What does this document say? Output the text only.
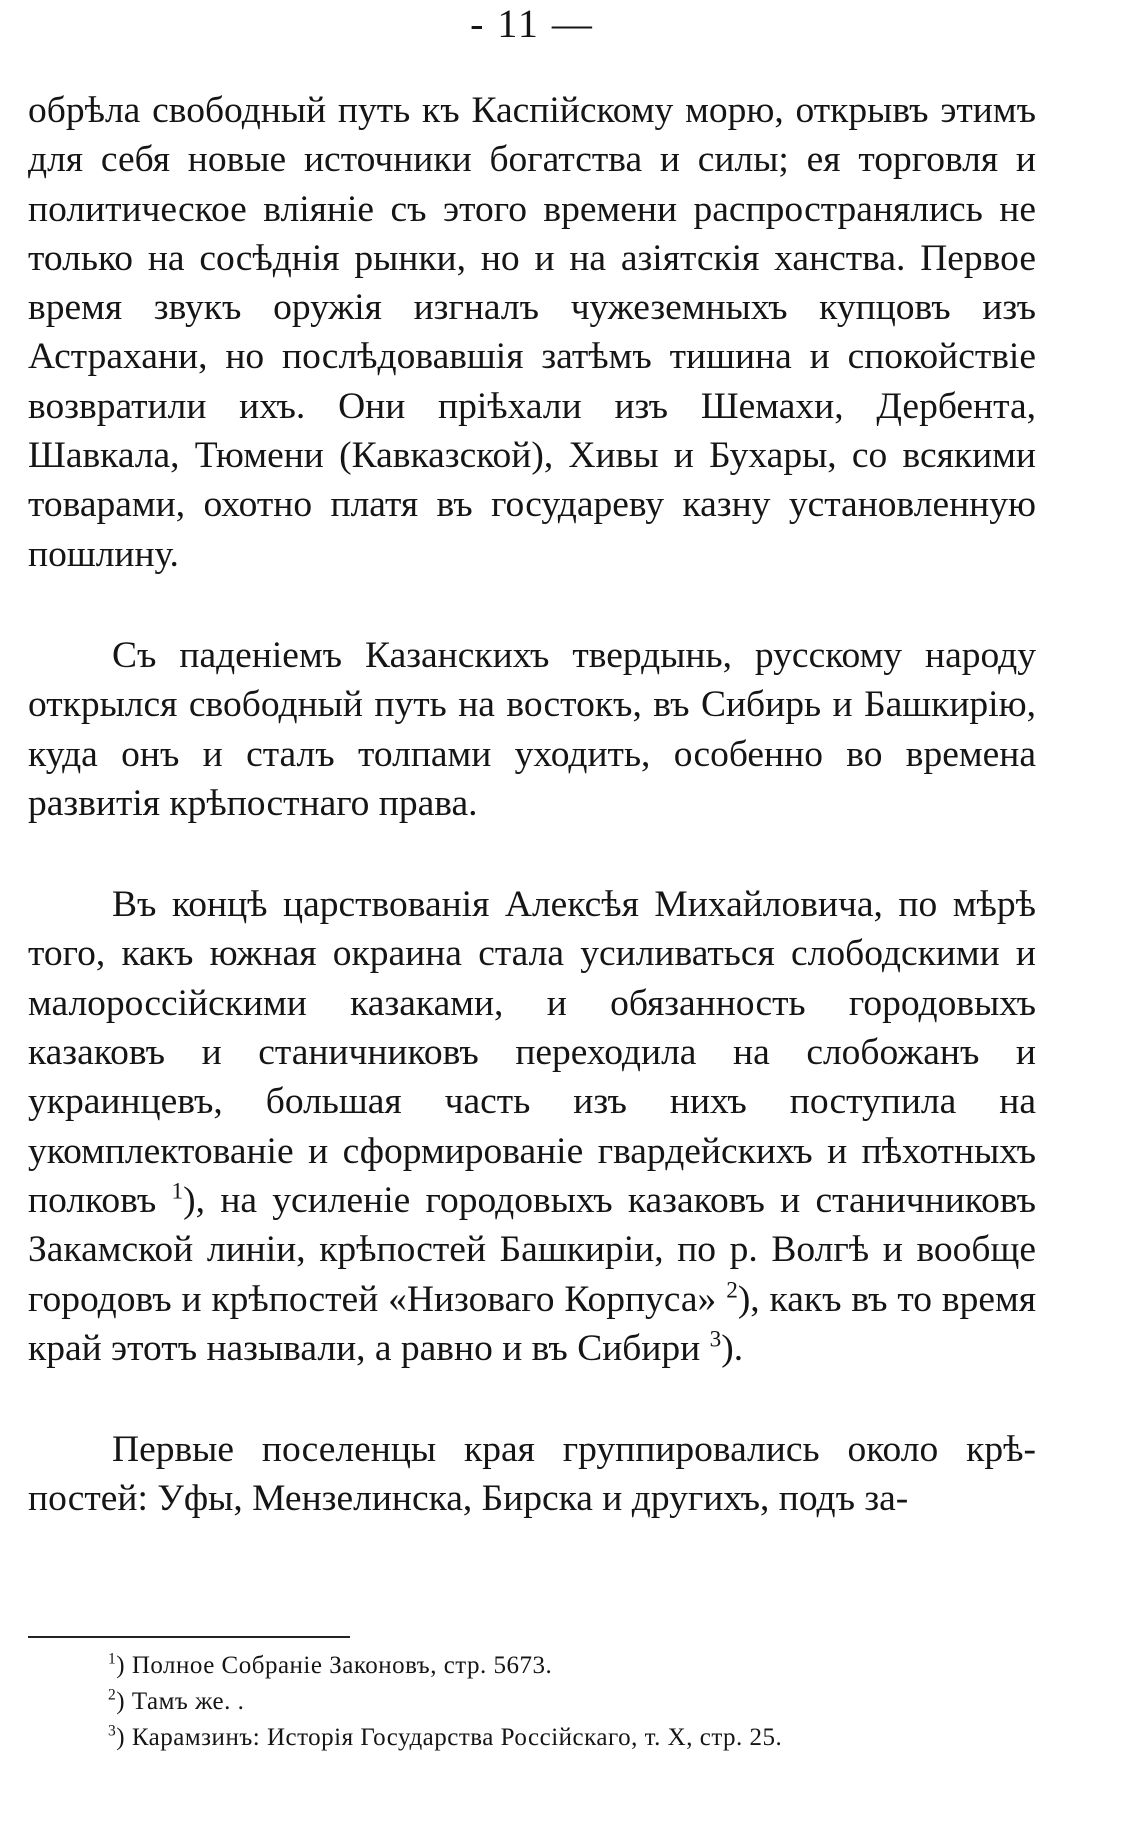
- 11 —

обрѣла свободный путь къ Каспійскому морю, открывъ этимъ для себя новые источники богатства и силы; ея торговля и политическое вліяніе съ этого времени распространялись не только на сосѣднія рынки, но и на азіятскія ханства. Первое время звукъ оружія изгналъ чужеземныхъ купцовъ изъ Астрахани, но послѣдовавшія затѣмъ тишина и спокойствіе возвратили ихъ. Они пріѣхали изъ Шемахи, Дербента, Шавкала, Тюмени (Кавказской), Хивы и Бухары, со всякими товарами, охотно платя въ государеву казну установленную пошлину.

Съ паденіемъ Казанскихъ твердынь, русскому народу открылся свободный путь на востокъ, въ Сибирь и Башкирію, куда онъ и сталъ толпами уходить, особенно во времена развитія крѣпостнаго права.

Въ концѣ царствованія Алексѣя Михайловича, по мѣрѣ того, какъ южная окраина стала усиливаться слободскими и малороссійскими казаками, и обязанность городовыхъ казаковъ и станичниковъ переходила на слобожанъ и украинцевъ, большая часть изъ нихъ поступила на укомплектованіе и сформированіе гвардейскихъ и пѣхотныхъ полковъ $^1$), на усиленіе городовыхъ казаковъ и станичниковъ Закамской линіи, крѣпостей Башкиріи, по р. Волгѣ и вообще городовъ и крѣпостей «Низоваго Корпуса» $^2$), какъ въ то время край этотъ называли, а равно и въ Сибири $^3$).

Первые поселенцы края группировались около крѣпостей: Уфы, Мензелинска, Бирска и другихъ, подъ за-

$^1$) Полное Собраніе Законовъ, стр. 5673.
$^2$) Тамъ же. .
$^3$) Карамзинъ: Исторія Государства Россійскаго, т. X, стр. 25.
